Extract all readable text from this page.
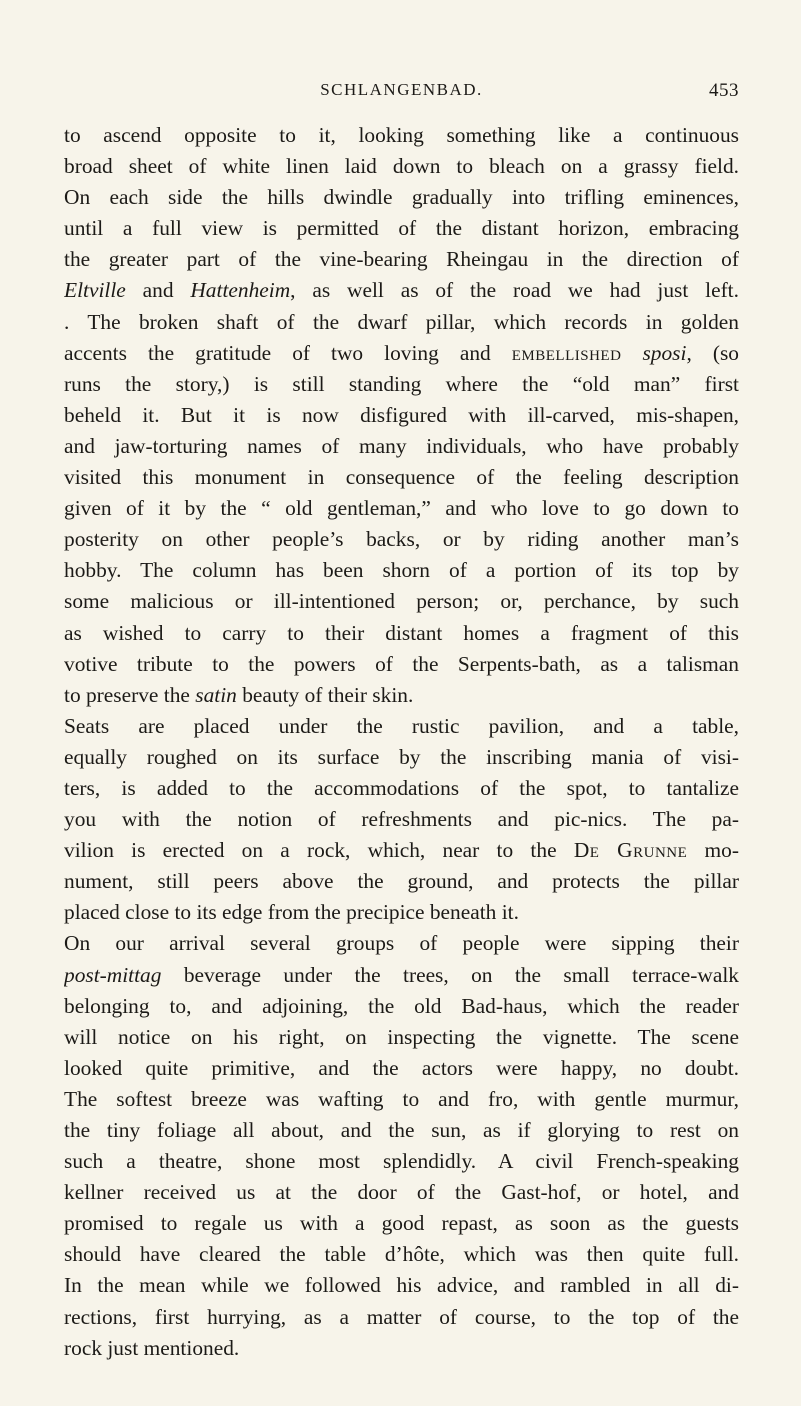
SCHLANGENBAD.	453

to ascend opposite to it, looking something like a continuous

broad sheet of white linen laid down to bleach on a grassy field.

On each side the hills dwindle gradually into trifling eminences,

until a full view is permitted of the distant horizon, embracing

the greater part of the vine-bearing Rheingau in the direction of

Eltville and Hattenheim, as well as of the road we had just left.

. The broken shaft of the dwarf pillar, which records in golden

accents the gratitude of two loving and embellished sposi, (so

runs the story,) is still standing where the “old man” first

beheld it. But it is now disfigured with ill-carved, mis-shapen,

and jaw-torturing names of many individuals, who have probably

visited this monument in consequence of the feeling description

given of it by the “ old gentleman,” and who love to go down to

posterity on other people’s backs, or by riding another man’s

hobby. The column has been shorn of a portion of its top by

some malicious or ill-intentioned person; or, perchance, by such

as wished to carry to their distant homes a fragment of this

votive tribute to the powers of the Serpents-bath, as a talisman

to preserve the satin beauty of their skin.

Seats are placed under the rustic pavilion, and a table,

equally roughed on its surface by the inscribing mania of visi-

ters, is added to the accommodations of the spot, to tantalize

you with the notion of refreshments and pic-nics. The pa-

vilion is erected on a rock, which, near to the De Grunne mo-

nument, still peers above the ground, and protects the pillar

placed close to its edge from the precipice beneath it.

On our arrival several groups of people were sipping their

post-mittag beverage under the trees, on the small terrace-walk

belonging to, and adjoining, the old Bad-haus, which the reader

will notice on his right, on inspecting the vignette. The scene

looked quite primitive, and the actors were happy, no doubt.

The softest breeze was wafting to and fro, with gentle murmur,

the tiny foliage all about, and the sun, as if glorying to rest on

such a theatre, shone most splendidly. A civil French-speaking

kellner received us at the door of the Gast-hof, or hotel, and

promised to regale us with a good repast, as soon as the guests

should have cleared the table d’hôte, which was then quite full.

In the mean while we followed his advice, and rambled in all di-

rections, first hurrying, as a matter of course, to the top of the

rock just mentioned.
